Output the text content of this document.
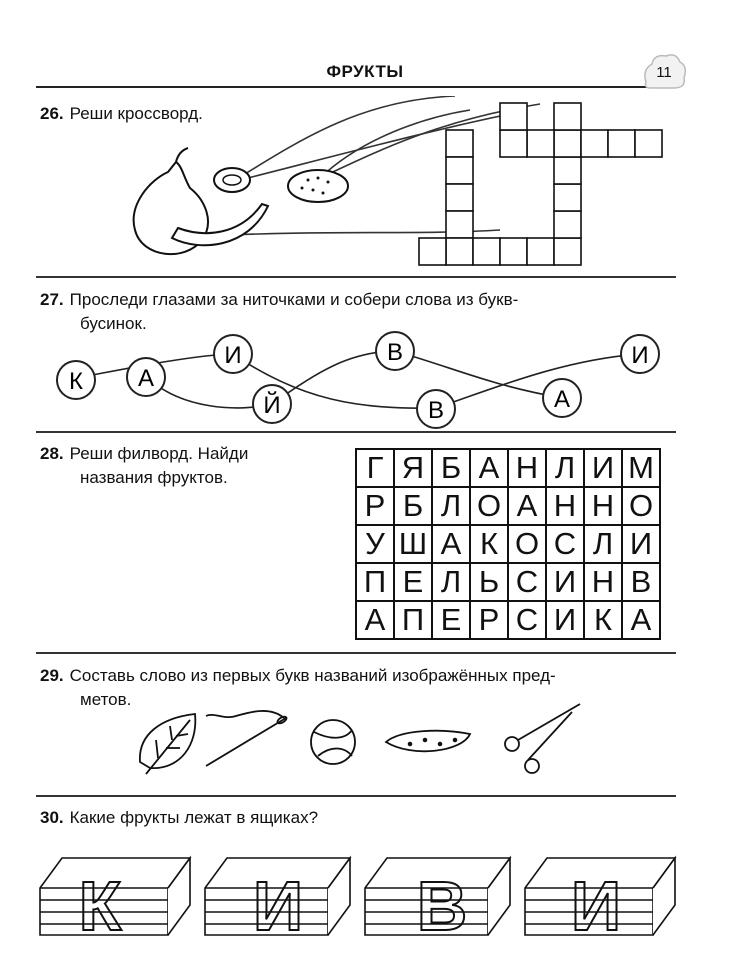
ФРУКТЫ	11
26. Реши кроссворд.
27. Проследи глазами за ниточками и собери слова из букв-
бусинок.
К А
И
Й
В
В	А
И
28. Реши филворд. Найди
названия фруктов.	Г	Я	Б	А	Н	Л	И	М
Р	Б	Л	О	А	Н	Н	О
У	Ш	А	К	О	С	Л	И
П	Е	Л	Ь	С	И	Н	В
А	П	Е	Р	С	И	К	А
29. Составь слово из первых букв названий изображённых пред-
метов.
30. Какие фрукты лежат в ящиках?
К И В И
